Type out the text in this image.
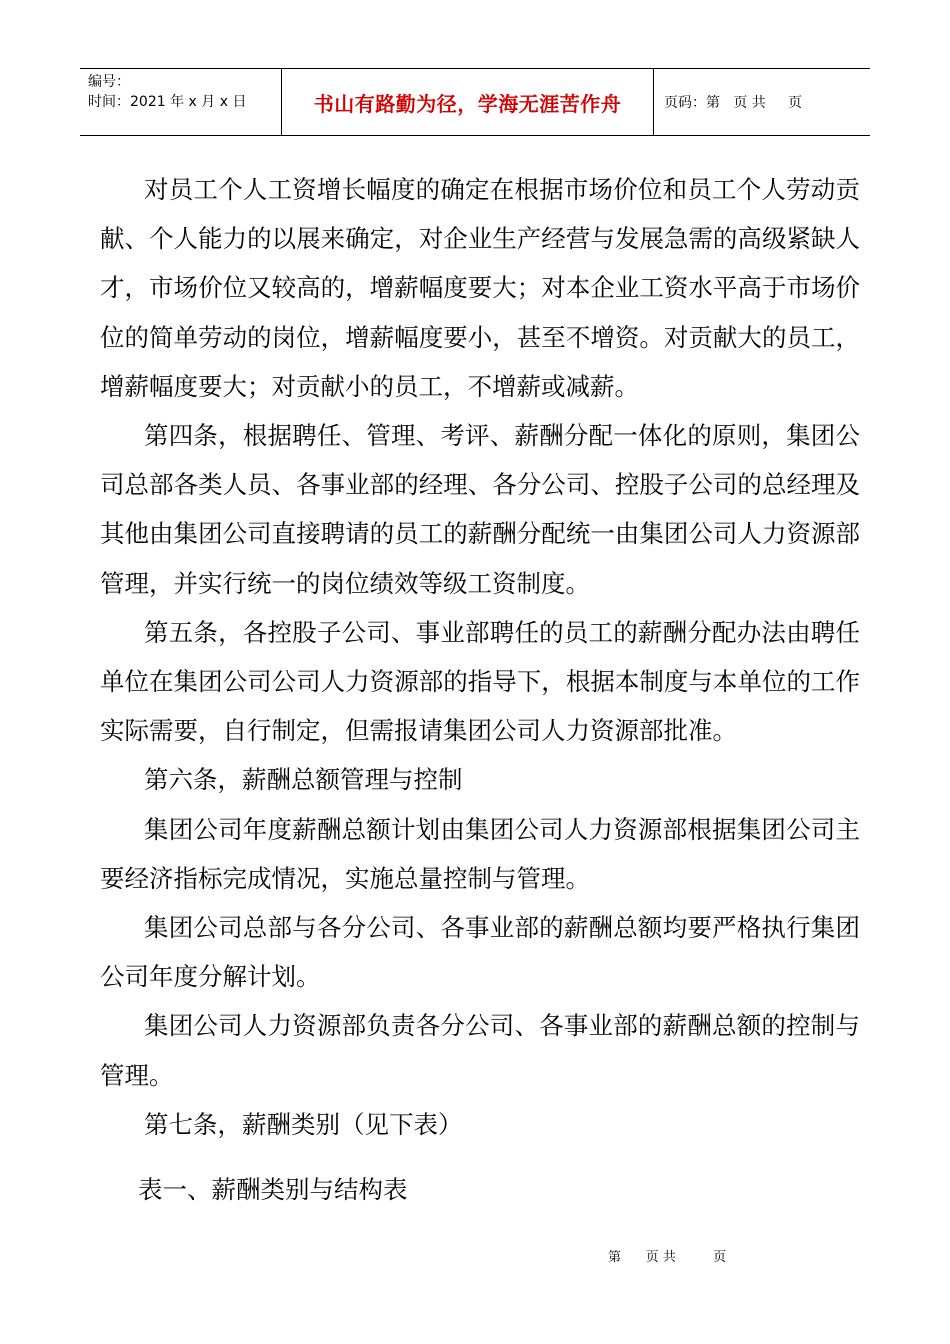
编号：
时间：2021 年 x 月 x 日	书山有路勤为径，学海无涯苦作舟	页码：第   页 共     页

对员工个人工资增长幅度的确定在根据市场价位和员工个人劳动贡献、个人能力的以展来确定，对企业生产经营与发展急需的高级紧缺人才，市场价位又较高的，增薪幅度要大；对本企业工资水平高于市场价位的简单劳动的岗位，增薪幅度要小，甚至不增资。对贡献大的员工，增薪幅度要大；对贡献小的员工，不增薪或减薪。

第四条，根据聘任、管理、考评、薪酬分配一体化的原则，集团公司总部各类人员、各事业部的经理、各分公司、控股子公司的总经理及其他由集团公司直接聘请的员工的薪酬分配统一由集团公司人力资源部管理，并实行统一的岗位绩效等级工资制度。

第五条，各控股子公司、事业部聘任的员工的薪酬分配办法由聘任单位在集团公司公司人力资源部的指导下，根据本制度与本单位的工作实际需要，自行制定，但需报请集团公司人力资源部批准。

第六条，薪酬总额管理与控制

集团公司年度薪酬总额计划由集团公司人力资源部根据集团公司主要经济指标完成情况，实施总量控制与管理。

集团公司总部与各分公司、各事业部的薪酬总额均要严格执行集团公司年度分解计划。

集团公司人力资源部负责各分公司、各事业部的薪酬总额的控制与管理。

第七条，薪酬类别（见下表）

表一、薪酬类别与结构表
第      页 共         页
